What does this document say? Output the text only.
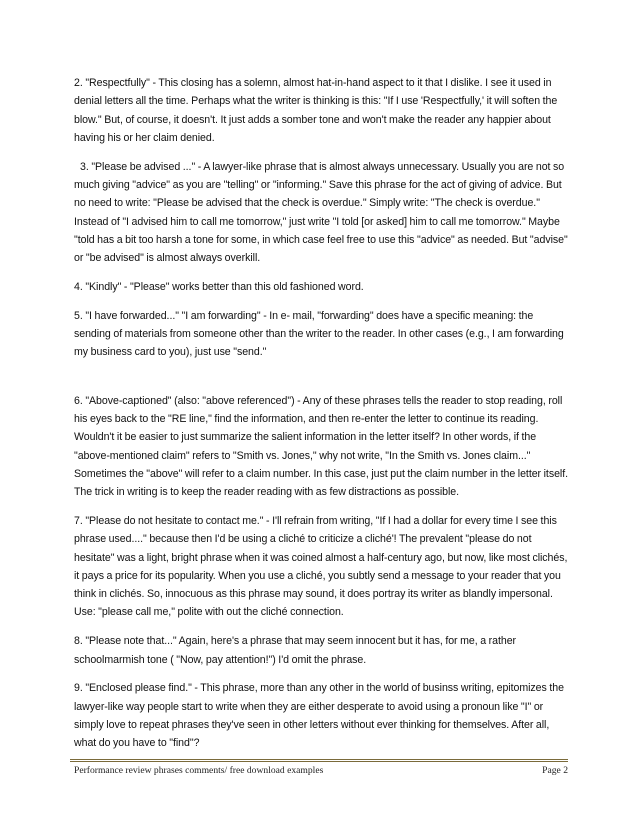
2. "Respectfully" - This closing has a solemn, almost hat-in-hand aspect to it that I dislike. I see it used in denial letters all the time. Perhaps what the writer is thinking is this: "If I use 'Respectfully,' it will soften the blow." But, of course, it doesn't. It just adds a somber tone and won't make the reader any happier about having his or her claim denied.

3. "Please be advised ..." - A lawyer-like phrase that is almost always unnecessary. Usually you are not so much giving "advice" as you are "telling" or "informing." Save this phrase for the act of giving of advice. But no need to write: "Please be advised that the check is overdue." Simply write: "The check is overdue." Instead of "I advised him to call me tomorrow," just write "I told [or asked] him to call me tomorrow." Maybe "told has a bit too harsh a tone for some, in which case feel free to use this "advice" as needed. But "advise" or "be advised" is almost always overkill.

4. "Kindly" - "Please" works better than this old fashioned word.

5. "I have forwarded..." "I am forwarding" - In e- mail, "forwarding" does have a specific meaning: the sending of materials from someone other than the writer to the reader. In other cases (e.g., I am forwarding my business card to you), just use "send."

6. "Above-captioned" (also: "above referenced") - Any of these phrases tells the reader to stop reading, roll his eyes back to the "RE line," find the information, and then re-enter the letter to continue its reading. Wouldn't it be easier to just summarize the salient information in the letter itself? In other words, if the "above-mentioned claim" refers to "Smith vs. Jones," why not write, "In the Smith vs. Jones claim..." Sometimes the "above" will refer to a claim number. In this case, just put the claim number in the letter itself. The trick in writing is to keep the reader reading with as few distractions as possible.

7. "Please do not hesitate to contact me." - I'll refrain from writing, "If I had a dollar for every time I see this phrase used...." because then I'd be using a cliché to criticize a cliché'! The prevalent "please do not hesitate" was a light, bright phrase when it was coined almost a half-century ago, but now, like most clichés, it pays a price for its popularity. When you use a cliché, you subtly send a message to your reader that you think in clichés. So, innocuous as this phrase may sound, it does portray its writer as blandly impersonal. Use: "please call me," polite with out the cliché connection.

8. "Please note that..." Again, here's a phrase that may seem innocent but it has, for me, a rather schoolmarmish tone ( "Now, pay attention!") I'd omit the phrase.

9. "Enclosed please find." - This phrase, more than any other in the world of businss writing, epitomizes the lawyer-like way people start to write when they are either desperate to avoid using a pronoun like "I" or simply love to repeat phrases they've seen in other letters without ever thinking for themselves. After all, what do you have to "find"?

Performance review phrases comments/ free download examples	Page 2
